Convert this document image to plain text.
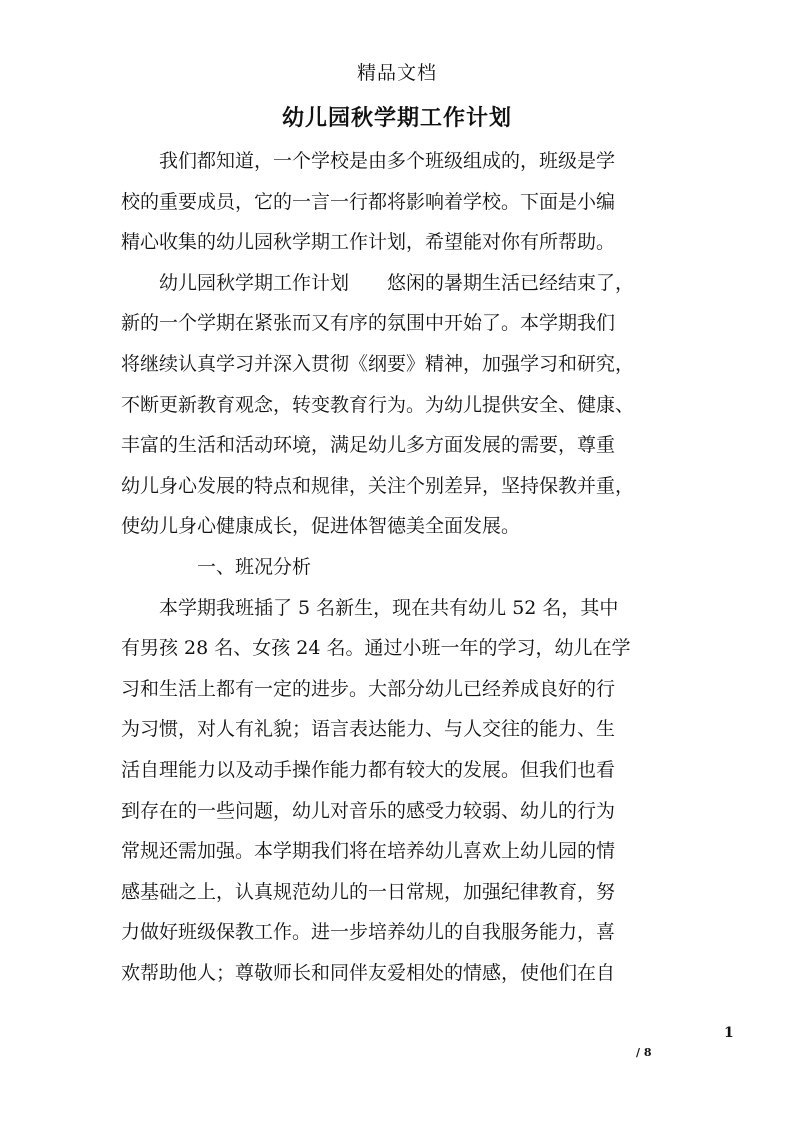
精品文档
幼儿园秋学期工作计划
　　我们都知道，一个学校是由多个班级组成的，班级是学
校的重要成员，它的一言一行都将影响着学校。下面是小编
精心收集的幼儿园秋学期工作计划，希望能对你有所帮助。
　　幼儿园秋学期工作计划　　悠闲的暑期生活已经结束了，
新的一个学期在紧张而又有序的氛围中开始了。本学期我们
将继续认真学习并深入贯彻《纲要》精神，加强学习和研究，
不断更新教育观念，转变教育行为。为幼儿提供安全、健康、
丰富的生活和活动环境，满足幼儿多方面发展的需要，尊重
幼儿身心发展的特点和规律，关注个别差异，坚持保教并重，
使幼儿身心健康成长，促进体智德美全面发展。
　　　　一、班况分析
　　本学期我班插了 5 名新生，现在共有幼儿 52 名，其中
有男孩 28 名、女孩 24 名。通过小班一年的学习，幼儿在学
习和生活上都有一定的进步。大部分幼儿已经养成良好的行
为习惯，对人有礼貌；语言表达能力、与人交往的能力、生
活自理能力以及动手操作能力都有较大的发展。但我们也看
到存在的一些问题，幼儿对音乐的感受力较弱、幼儿的行为
常规还需加强。本学期我们将在培养幼儿喜欢上幼儿园的情
感基础之上，认真规范幼儿的一日常规，加强纪律教育，努
力做好班级保教工作。进一步培养幼儿的自我服务能力，喜
欢帮助他人；尊敬师长和同伴友爱相处的情感，使他们在自
1
/ 8
